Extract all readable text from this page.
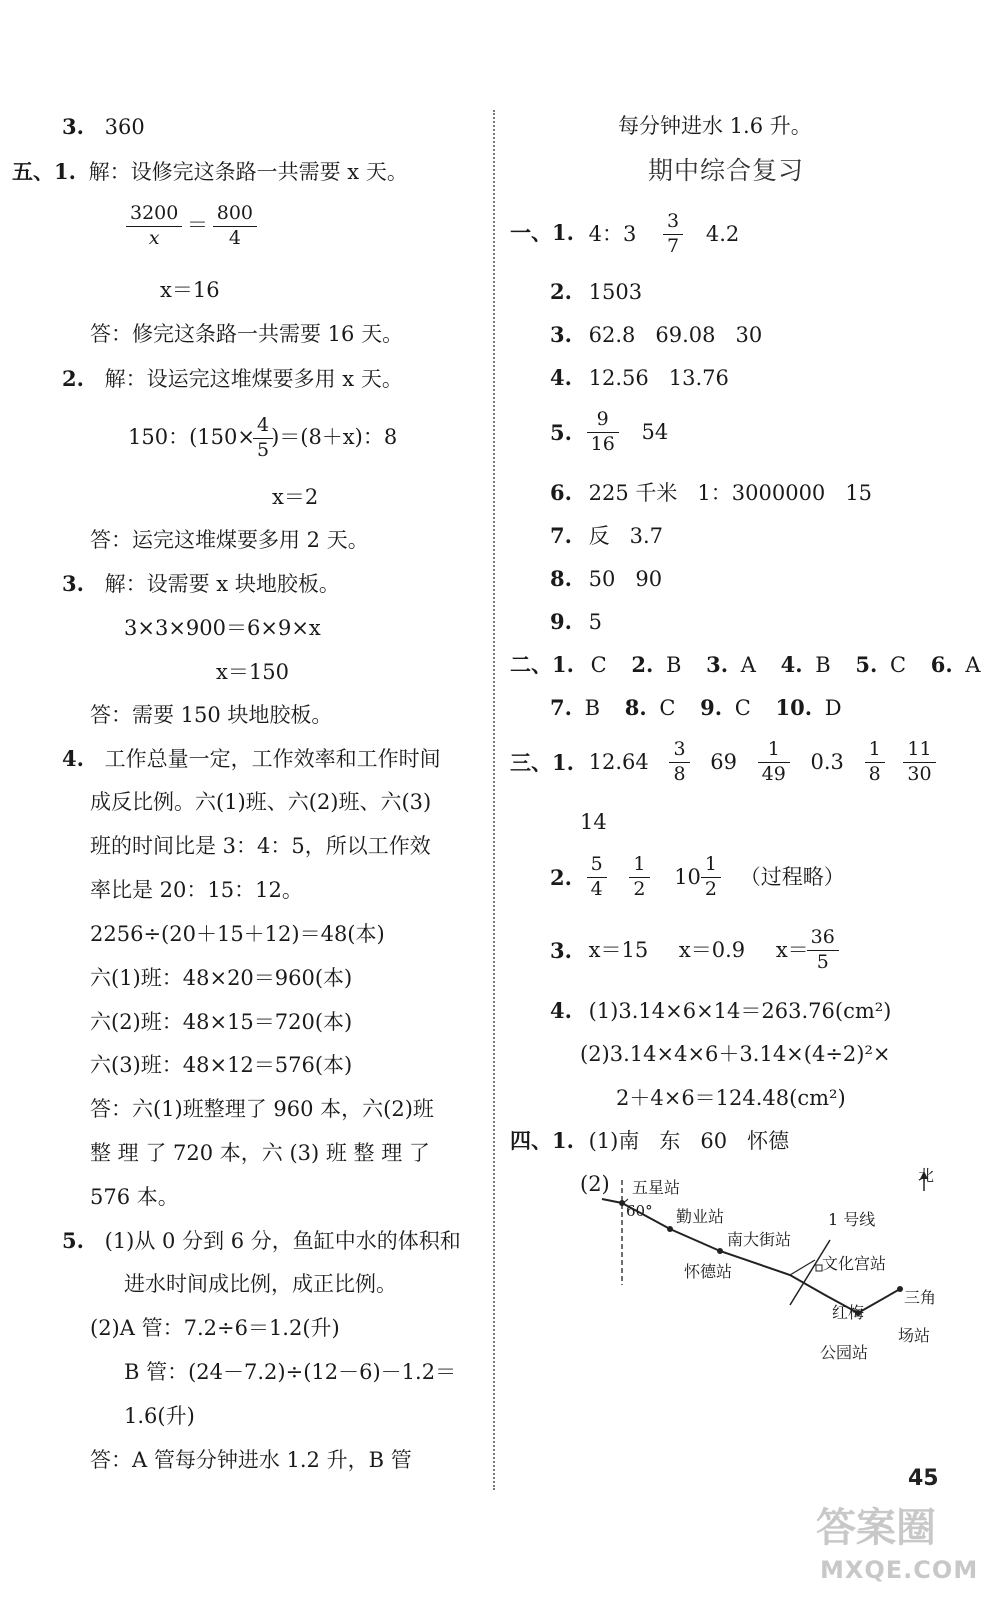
3. 360
五、1. 解：设修完这条路一共需要 x 天。
$\frac{3200}{x} = \frac{800}{4}$
x＝16
答：修完这条路一共需要 16 天。
2. 解：设运完这堆煤要多用 x 天。
150：$(150\times \frac{4}{5} )=(8+x)$：8
x＝2
答：运完这堆煤要多用 2 天。
3. 解：设需要 x 块地胶板。
3×3×900＝6×9×x
x＝150
答：需要 150 块地胶板。
4. 工作总量一定，工作效率和工作时间
成反比例。六(1)班、六(2)班、六(3)
班的时间比是 3：4：5，所以工作效
率比是 20：15：12。
2256÷(20＋15＋12)＝48(本)
六(1)班：48×20＝960(本)
六(2)班：48×15＝720(本)
六(3)班：48×12＝576(本)
答：六(1)班整理了 960 本，六(2)班
整 理 了 720 本，六 (3) 班 整 理 了
576 本。
5. (1)从 0 分到 6 分，鱼缸中水的体积和
进水时间成比例，成正比例。
(2)A 管：7.2÷6＝1.2(升)
B 管：(24－7.2)÷(12－6)－1.2＝
1.6(升)
答：A 管每分钟进水 1.2 升，B 管
每分钟进水 1.6 升。
期中综合复习
一、1. 4：$3 \frac{3}{7} 4.2$
2. 1503
3. 62.8   69.08   30
4. 12.56   13.76
5. $\frac{9}{16} 54$
6. 225 千米   1：3000000   15
7. 反   3.7
8. 50   90
9. 5
二、1. C 2. B 3. A 4. B 5. C 6. A
7. B 8. C 9. C 10. D
三、1. $12.64 \frac{3}{8} 69 \frac{1}{49} 0.3 \frac{1}{8}$
$\frac{11}{30}$
14
2. $\frac{5}{4}$
$\frac{1}{2} 10 \frac{1}{2}$ （过程略）
3. x＝15 x＝0.9 $x= \frac{36}{5}$
4. (1)3.14×6×14＝263.76(cm²)
(2)3.14×4×6＋3.14×(4÷2)²×
2＋4×6＝124.48(cm²)
四、1. (1)南   东   60   怀德
(2)	北
60°
五星站
勤业站
南大街站
怀德站
1 号线
文化宫站
红梅
公园站
三角
场站
45
答案圈
MXQE.COM
